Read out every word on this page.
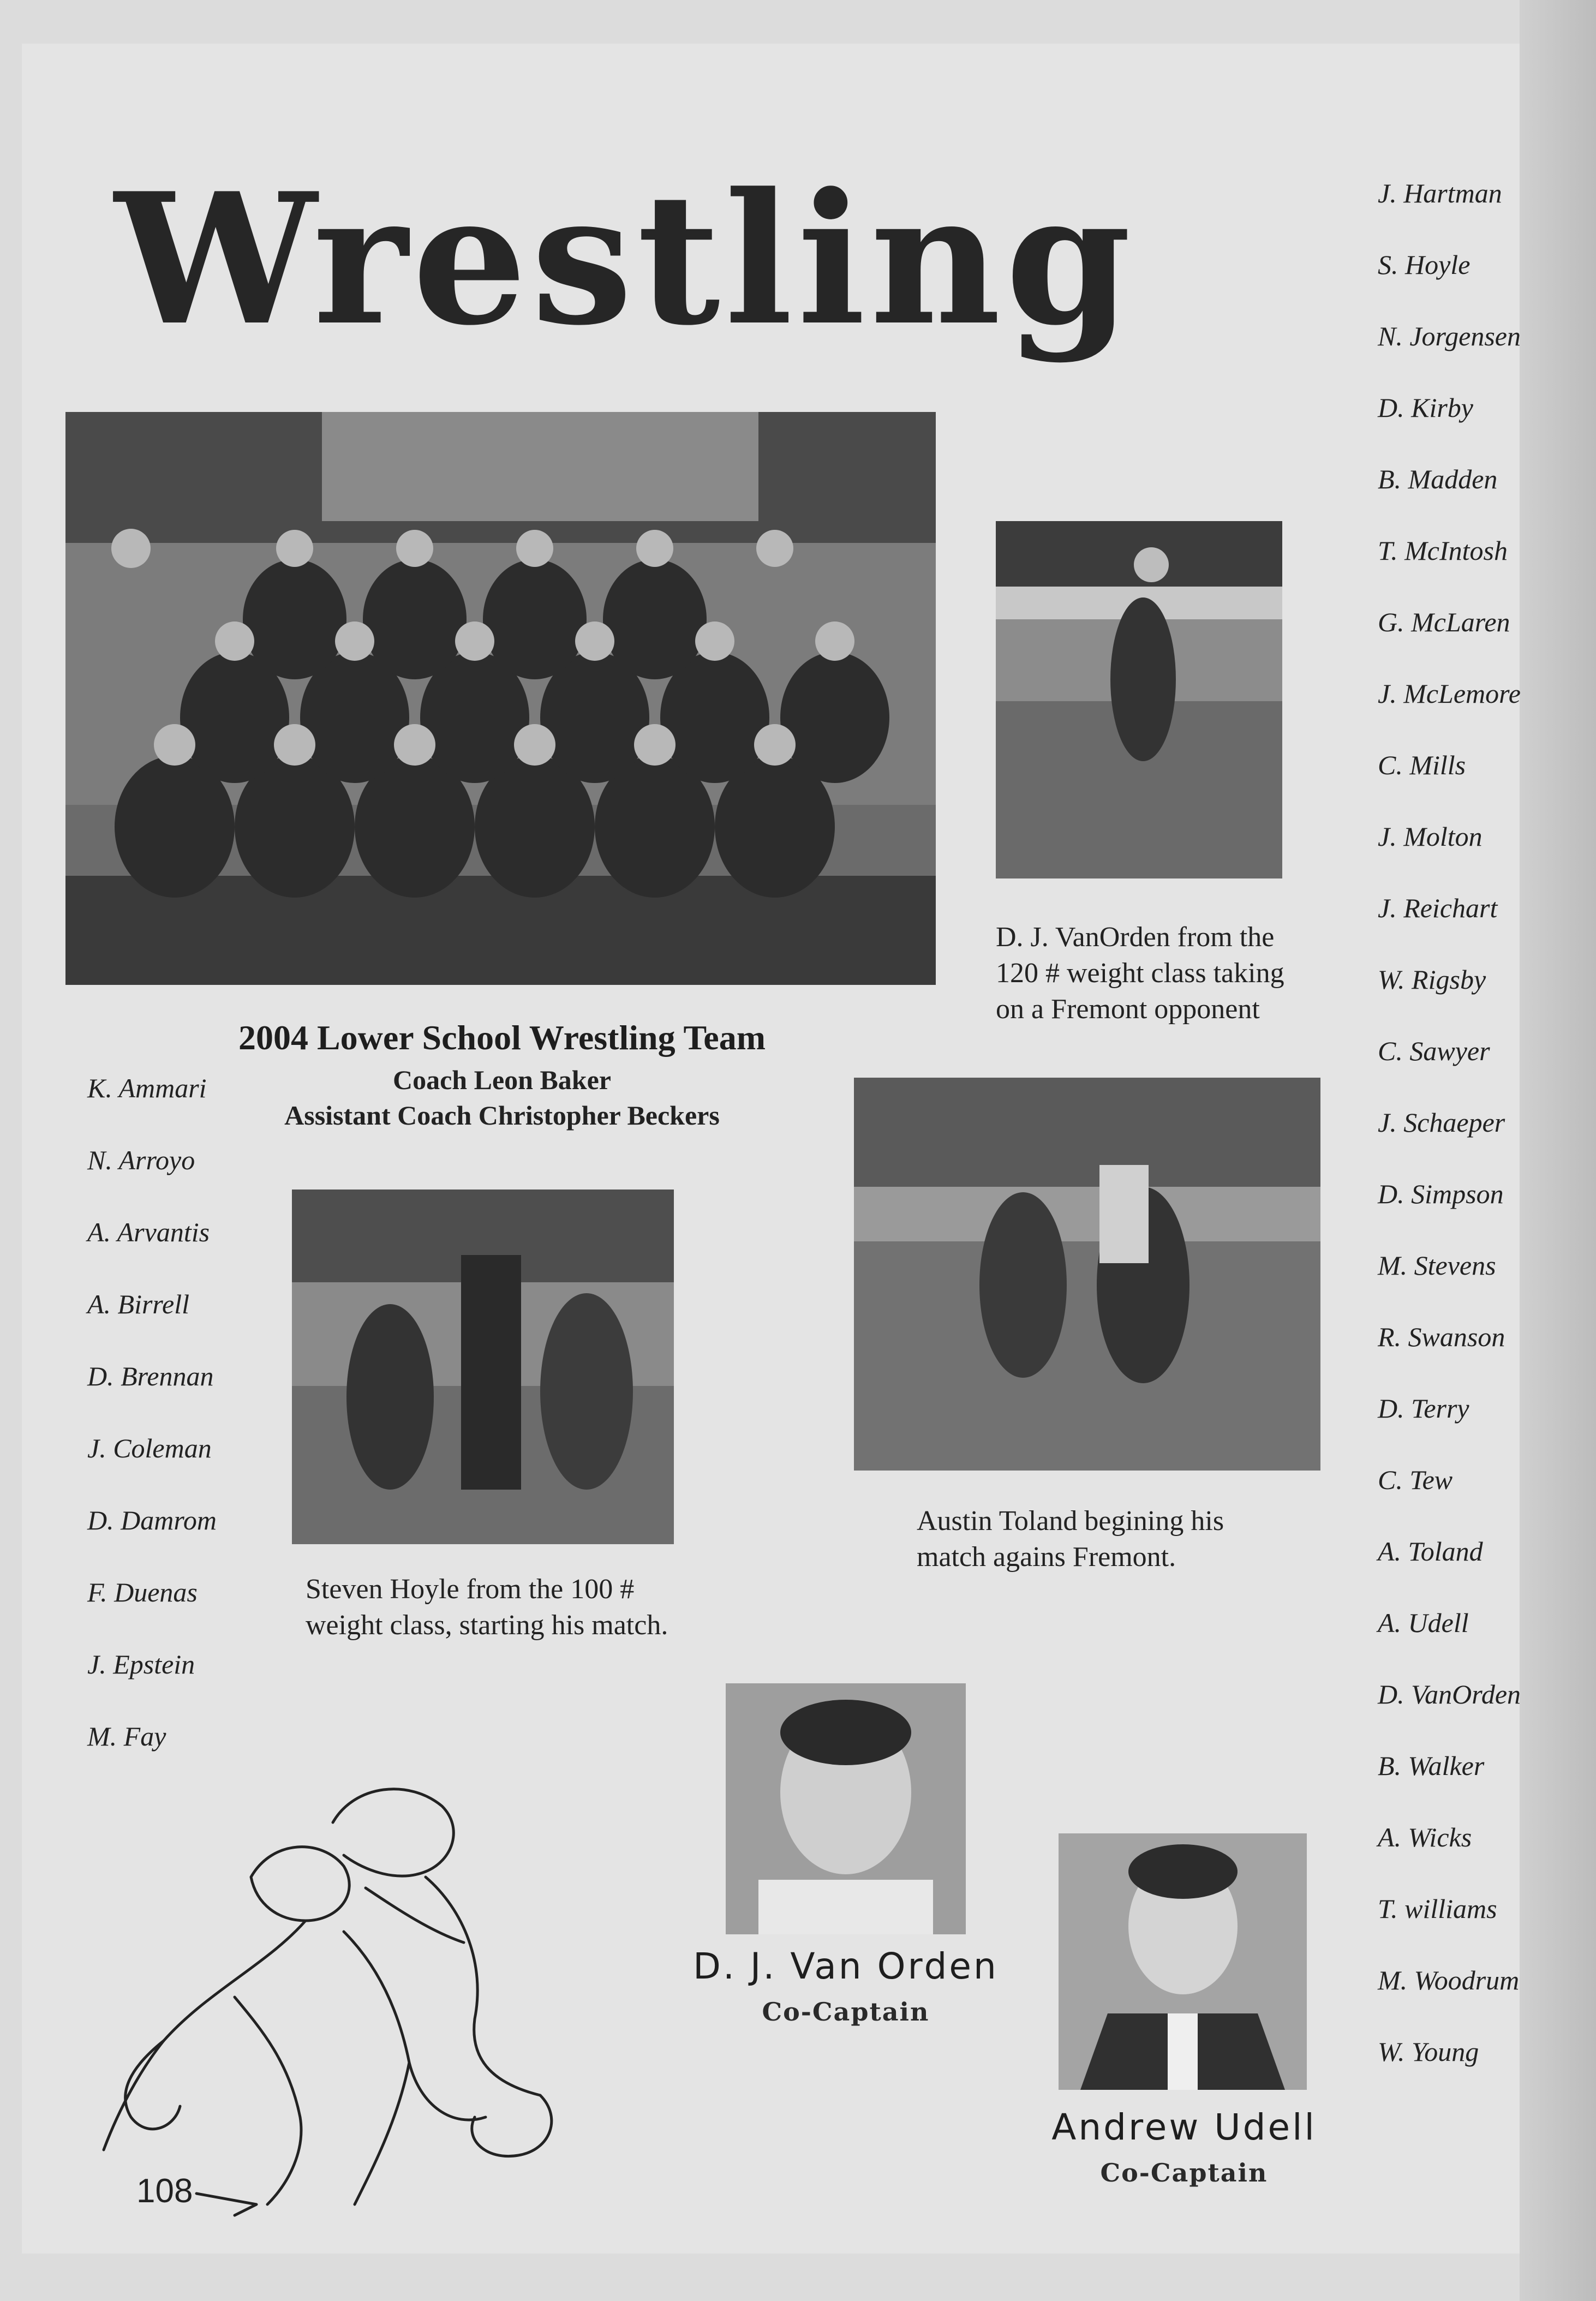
Wrestling
2004 Lower School Wrestling Team
Coach Leon Baker
Assistant Coach Christopher Beckers
D. J. VanOrden from the
120 # weight class taking
on a Fremont opponent
Austin Toland begining his
match agains Fremont.
Steven Hoyle from the 100 #
weight class, starting his match.
D. J. Van Orden
Co-Captain
Andrew Udell
Co-Captain
K. Ammari
N. Arroyo
A. Arvantis
A. Birrell
D. Brennan
J. Coleman
D. Damrom
F. Duenas
J. Epstein
M. Fay
J. Hartman
S. Hoyle
N. Jorgensen
D. Kirby
B. Madden
T. McIntosh
G. McLaren
J. McLemore
C. Mills
J. Molton
J. Reichart
W. Rigsby
C. Sawyer
J. Schaeper
D. Simpson
M. Stevens
R. Swanson
D. Terry
C. Tew
A. Toland
A. Udell
D. VanOrden
B. Walker
A. Wicks
T. williams
M. Woodrum
W. Young
108
